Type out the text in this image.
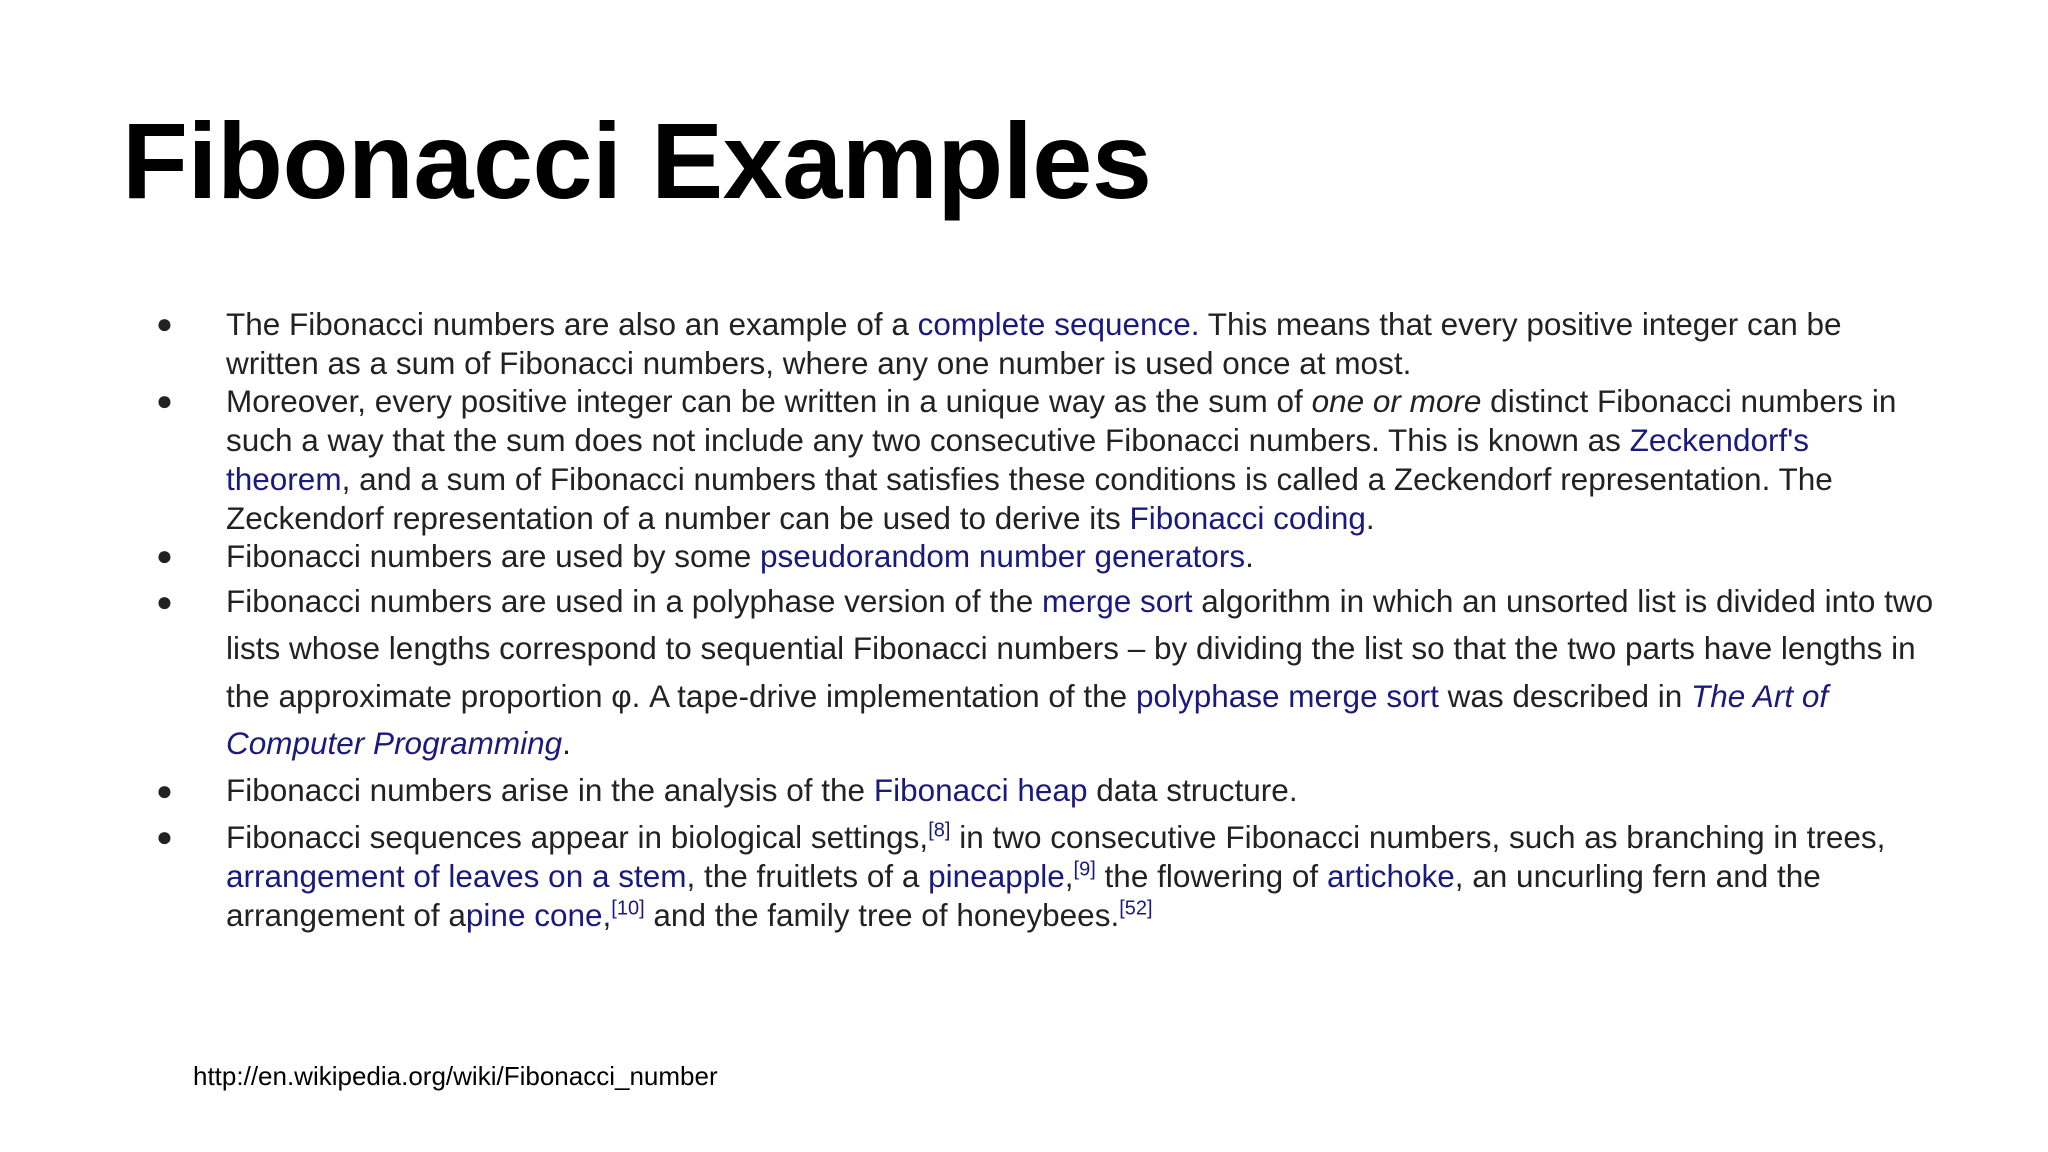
Fibonacci Examples
● The Fibonacci numbers are also an example of a complete sequence. This means that every positive integer can be written as a sum of Fibonacci numbers, where any one number is used once at most.
● Moreover, every positive integer can be written in a unique way as the sum of one or more distinct Fibonacci numbers in such a way that the sum does not include any two consecutive Fibonacci numbers. This is known as Zeckendorf's theorem, and a sum of Fibonacci numbers that satisfies these conditions is called a Zeckendorf representation. The Zeckendorf representation of a number can be used to derive its Fibonacci coding.
● Fibonacci numbers are used by some pseudorandom number generators.
● Fibonacci numbers are used in a polyphase version of the merge sort algorithm in which an unsorted list is divided into two lists whose lengths correspond to sequential Fibonacci numbers – by dividing the list so that the two parts have lengths in the approximate proportion φ. A tape-drive implementation of the polyphase merge sort was described in The Art of Computer Programming.
● Fibonacci numbers arise in the analysis of the Fibonacci heap data structure.
● Fibonacci sequences appear in biological settings,[8] in two consecutive Fibonacci numbers, such as branching in trees, arrangement of leaves on a stem, the fruitlets of a pineapple,[9] the flowering of artichoke, an uncurling fern and the arrangement of apine cone,[10] and the family tree of honeybees.[52]
http://en.wikipedia.org/wiki/Fibonacci_number
